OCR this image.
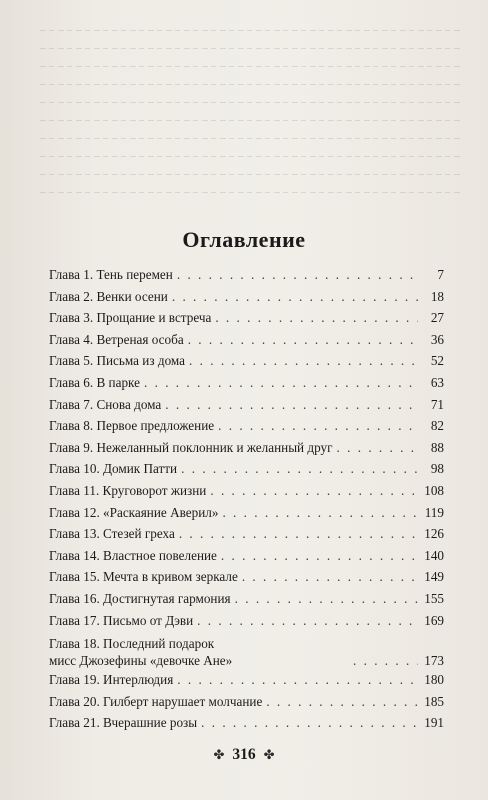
Оглавление
Глава 1. Тень перемен . . .	7
Глава 2. Венки осени . . .	18
Глава 3. Прощание и встреча . . .	27
Глава 4. Ветреная особа . . .	36
Глава 5. Письма из дома . . .	52
Глава 6. В парке . . .	63
Глава 7. Снова дома . . .	71
Глава 8. Первое предложение . . .	82
Глава 9. Нежеланный поклонник и желанный друг . . .	88
Глава 10. Домик Патти . . .	98
Глава 11. Круговорот жизни . . .	108
Глава 12. «Раскаяние Аверил» . . .	119
Глава 13. Стезей греха . . .	126
Глава 14. Властное повеление . . .	140
Глава 15. Мечта в кривом зеркале . . .	149
Глава 16. Достигнутая гармония . . .	155
Глава 17. Письмо от Дэви . . .	169
Глава 18. Последний подарок
мисс Джозефины «девочке Ане» . . .	173
Глава 19. Интерлюдия . . .	180
Глава 20. Гилберт нарушает молчание . . .	185
Глава 21. Вчерашние розы . . .	191
✤ 316 ✤
